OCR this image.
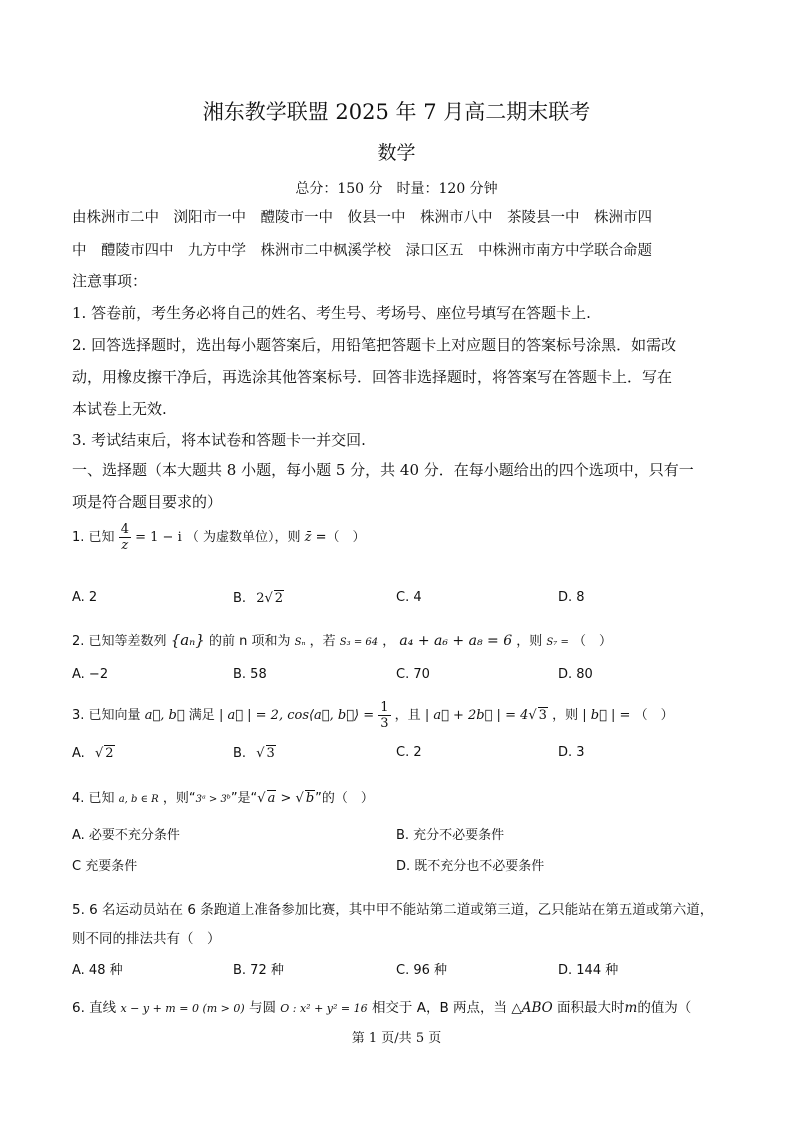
湘东教学联盟 2025 年 7 月高二期末联考
数学
总分：150 分　时量：120 分钟
由株洲市二中　浏阳市一中　醴陵市一中　攸县一中　株洲市八中　茶陵县一中　株洲市四
中　醴陵市四中　九方中学　株洲市二中枫溪学校　渌口区五　中株洲市南方中学联合命题
注意事项：
1. 答卷前，考生务必将自己的姓名、考生号、考场号、座位号填写在答题卡上.
2. 回答选择题时，选出每小题答案后，用铅笔把答题卡上对应题目的答案标号涂黑．如需改
动，用橡皮擦干净后，再选涂其他答案标号．回答非选择题时，将答案写在答题卡上．写在
本试卷上无效.
3. 考试结束后，将本试卷和答题卡一并交回.
一、选择题（本大题共 8 小题，每小题 5 分，共 40 分．在每小题给出的四个选项中，只有一
项是符合题目要求的）
1. 已知 $\frac{4}{z} = 1 - i$ （ 为虚数单位），则 z̄ =（　）
A. 2	B. 2√ 2	C. 4	D. 8
2. 已知等差数列 {aₙ} 的前 n 项和为 Sₙ ，若 S₃ = 64 ， a₄ + a₆ + a₈ = 6 ，则 S₇ = （　）
A. −2	B. 58	C. 70	D. 80
3. 已知向量 a⃗, b⃗ 满足 | a⃗ | = 2, cos⟨a⃗, b⃗⟩ = $\frac{1}{3}$ ，且 | a⃗ + 2b⃗ | = 4√ 3 ，则 | b⃗ | = （　）
A. √ 2	B. √ 3	C. 2	D. 3
4. 已知 a, b ∈ R ，则“3ᵃ > 3ᵇ”是“√ a > √ b”的（　）
A. 必要不充分条件	B. 充分不必要条件
C 充要条件	D. 既不充分也不必要条件
5. 6 名运动员站在 6 条跑道上准备参加比赛，其中甲不能站第二道或第三道，乙只能站在第五道或第六道，
则不同的排法共有（　）
A. 48 种	B. 72 种	C. 96 种	D. 144 种
6. 直线 x − y + m = 0 (m > 0) 与圆 O : x² + y² = 16 相交于 A，B 两点，当 △ABO 面积最大时m的值为（
第 1 页/共 5 页
